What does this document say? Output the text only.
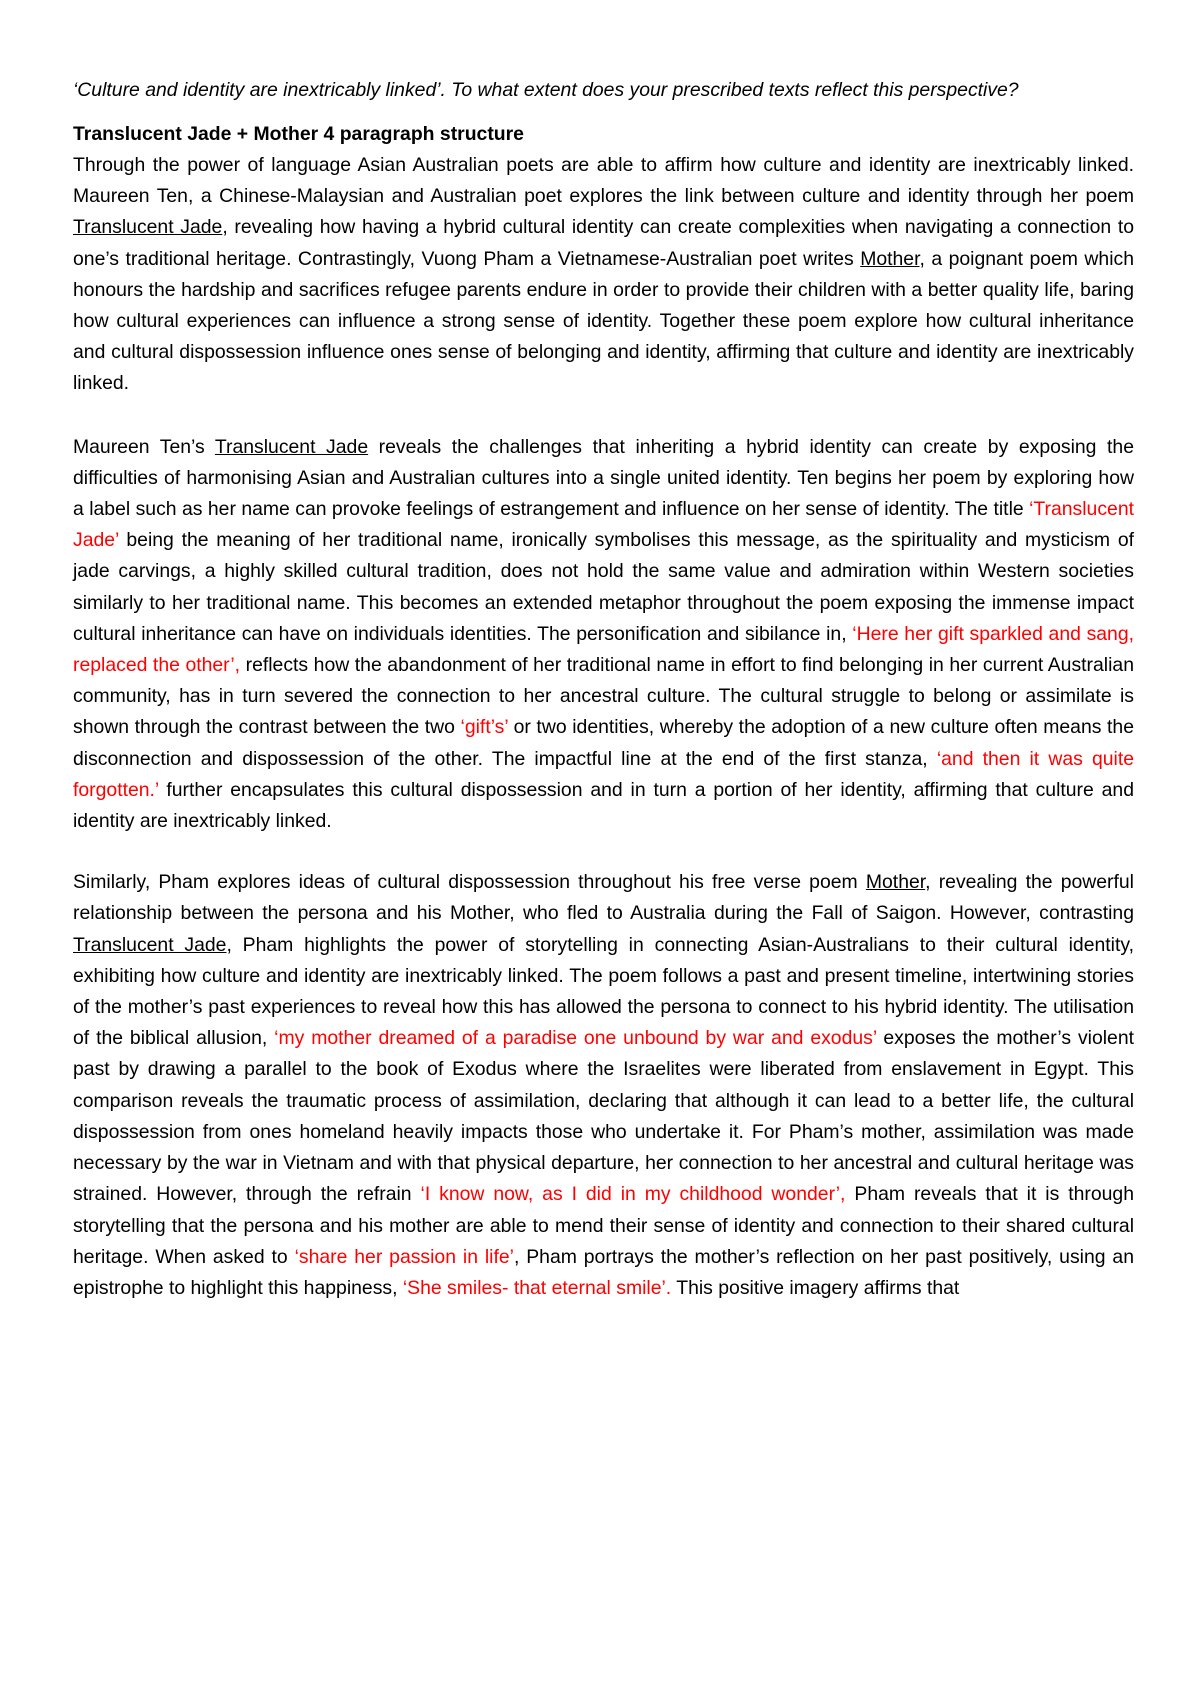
‘Culture and identity are inextricably linked’. To what extent does your prescribed texts reflect this perspective?

Translucent Jade + Mother 4 paragraph structure

Through the power of language Asian Australian poets are able to affirm how culture and identity are inextricably linked. Maureen Ten, a Chinese-Malaysian and Australian poet explores the link between culture and identity through her poem Translucent Jade, revealing how having a hybrid cultural identity can create complexities when navigating a connection to one’s traditional heritage. Contrastingly, Vuong Pham a Vietnamese-Australian poet writes Mother, a poignant poem which honours the hardship and sacrifices refugee parents endure in order to provide their children with a better quality life, baring how cultural experiences can influence a strong sense of identity. Together these poem explore how cultural inheritance and cultural dispossession influence ones sense of belonging and identity, affirming that culture and identity are inextricably linked.

Maureen Ten’s Translucent Jade reveals the challenges that inheriting a hybrid identity can create by exposing the difficulties of harmonising Asian and Australian cultures into a single united identity. Ten begins her poem by exploring how a label such as her name can provoke feelings of estrangement and influence on her sense of identity. The title ‘Translucent Jade’ being the meaning of her traditional name, ironically symbolises this message, as the spirituality and mysticism of jade carvings, a highly skilled cultural tradition, does not hold the same value and admiration within Western societies similarly to her traditional name. This becomes an extended metaphor throughout the poem exposing the immense impact cultural inheritance can have on individuals identities. The personification and sibilance in, ‘Here her gift sparkled and sang, replaced the other’, reflects how the abandonment of her traditional name in effort to find belonging in her current Australian community, has in turn severed the connection to her ancestral culture. The cultural struggle to belong or assimilate is shown through the contrast between the two ‘gift’s’ or two identities, whereby the adoption of a new culture often means the disconnection and dispossession of the other. The impactful line at the end of the first stanza, ‘and then it was quite forgotten.’ further encapsulates this cultural dispossession and in turn a portion of her identity, affirming that culture and identity are inextricably linked.

Similarly, Pham explores ideas of cultural dispossession throughout his free verse poem Mother, revealing the powerful relationship between the persona and his Mother, who fled to Australia during the Fall of Saigon. However, contrasting Translucent Jade, Pham highlights the power of storytelling in connecting Asian-Australians to their cultural identity, exhibiting how culture and identity are inextricably linked. The poem follows a past and present timeline, intertwining stories of the mother’s past experiences to reveal how this has allowed the persona to connect to his hybrid identity. The utilisation of the biblical allusion, ‘my mother dreamed of a paradise one unbound by war and exodus’ exposes the mother’s violent past by drawing a parallel to the book of Exodus where the Israelites were liberated from enslavement in Egypt. This comparison reveals the traumatic process of assimilation, declaring that although it can lead to a better life, the cultural dispossession from ones homeland heavily impacts those who undertake it. For Pham’s mother, assimilation was made necessary by the war in Vietnam and with that physical departure, her connection to her ancestral and cultural heritage was strained. However, through the refrain ‘I know now, as I did in my childhood wonder’, Pham reveals that it is through storytelling that the persona and his mother are able to mend their sense of identity and connection to their shared cultural heritage. When asked to ‘share her passion in life’, Pham portrays the mother’s reflection on her past positively, using an epistrophe to highlight this happiness, ‘She smiles- that eternal smile’. This positive imagery affirms that
